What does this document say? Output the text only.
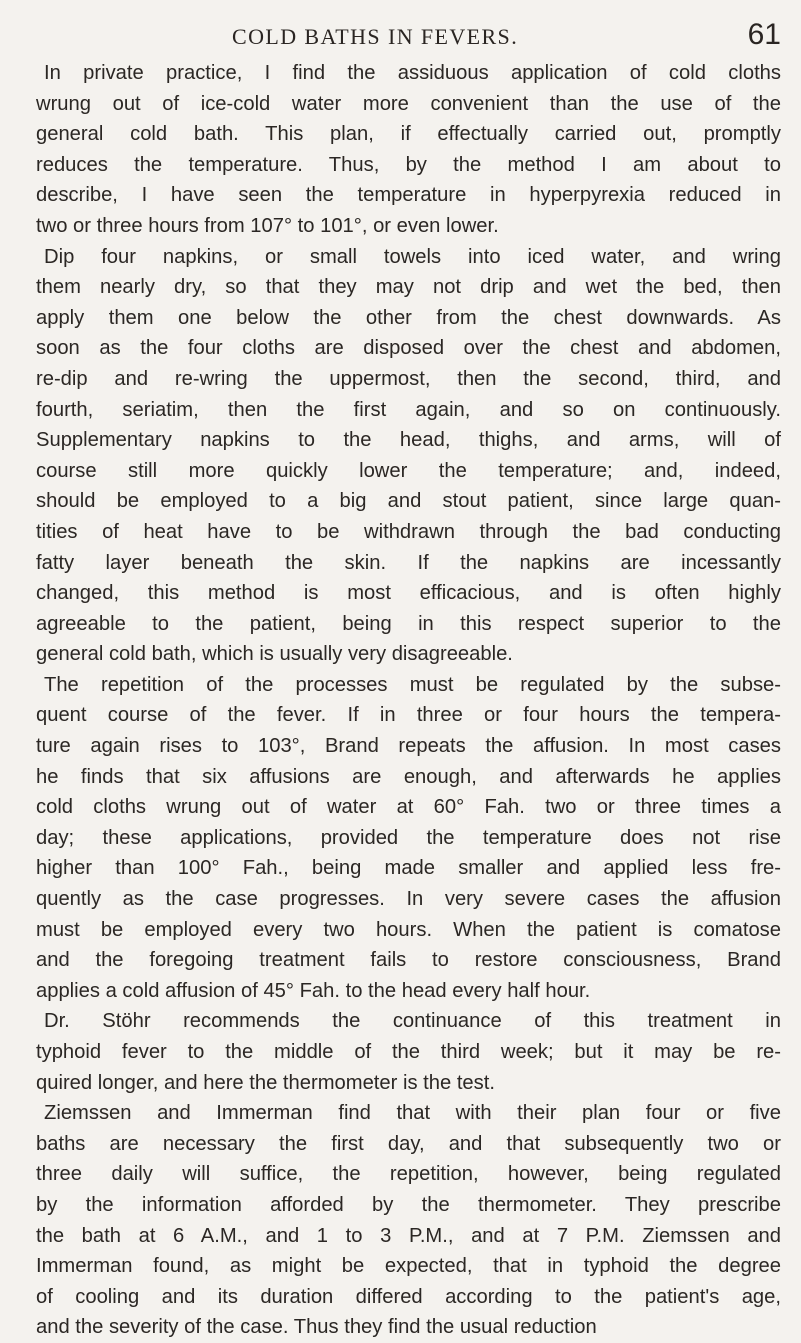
COLD BATHS IN FEVERS.	61

In private practice, I find the assiduous application of cold cloths
wrung out of ice-cold water more convenient than the use of the
general cold bath. This plan, if effectually carried out, promptly
reduces the temperature. Thus, by the method I am about to
describe, I have seen the temperature in hyperpyrexia reduced in
two or three hours from 107° to 101°, or even lower.

Dip four napkins, or small towels into iced water, and wring
them nearly dry, so that they may not drip and wet the bed, then
apply them one below the other from the chest downwards. As
soon as the four cloths are disposed over the chest and abdomen,
re-dip and re-wring the uppermost, then the second, third, and
fourth, seriatim, then the first again, and so on continuously.
Supplementary napkins to the head, thighs, and arms, will of
course still more quickly lower the temperature; and, indeed,
should be employed to a big and stout patient, since large quan-
tities of heat have to be withdrawn through the bad conducting
fatty layer beneath the skin. If the napkins are incessantly
changed, this method is most efficacious, and is often highly
agreeable to the patient, being in this respect superior to the
general cold bath, which is usually very disagreeable.

The repetition of the processes must be regulated by the subse-
quent course of the fever. If in three or four hours the tempera-
ture again rises to 103°, Brand repeats the affusion. In most cases
he finds that six affusions are enough, and afterwards he applies
cold cloths wrung out of water at 60° Fah. two or three times a
day; these applications, provided the temperature does not rise
higher than 100° Fah., being made smaller and applied less fre-
quently as the case progresses. In very severe cases the affusion
must be employed every two hours. When the patient is comatose
and the foregoing treatment fails to restore consciousness, Brand
applies a cold affusion of 45° Fah. to the head every half hour.

Dr. Stöhr recommends the continuance of this treatment in
typhoid fever to the middle of the third week; but it may be re-
quired longer, and here the thermometer is the test.

Ziemssen and Immerman find that with their plan four or five
baths are necessary the first day, and that subsequently two or
three daily will suffice, the repetition, however, being regulated
by the information afforded by the thermometer. They prescribe
the bath at 6 A.M., and 1 to 3 P.M., and at 7 P.M. Ziemssen and
Immerman found, as might be expected, that in typhoid the degree
of cooling and its duration differed according to the patient's age,
and the severity of the case. Thus they find the usual reduction
